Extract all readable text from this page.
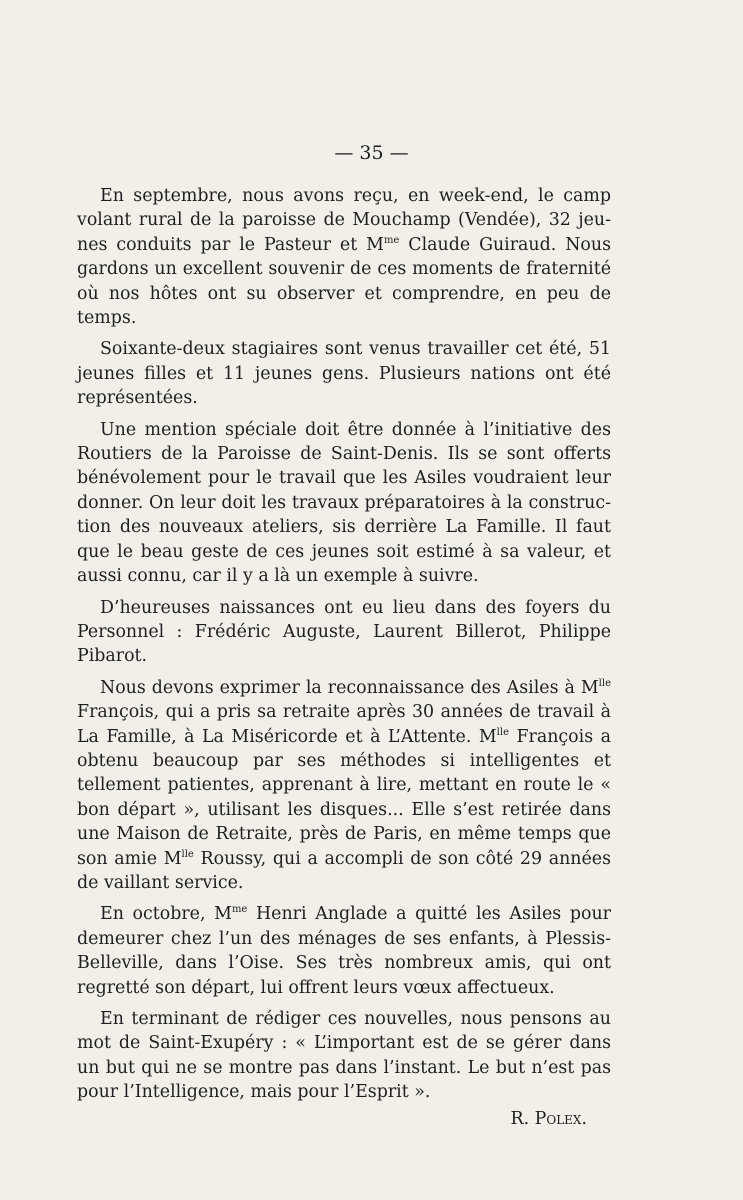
— 35 —

En septembre, nous avons reçu, en week-end, le camp volant rural de la paroisse de Mouchamp (Vendée), 32 jeunes conduits par le Pasteur et $M^{me}$ Claude Guiraud. Nous gardons un excellent souvenir de ces moments de fraternité où nos hôtes ont su observer et comprendre, en peu de temps.

Soixante-deux stagiaires sont venus travailler cet été, 51 jeunes filles et 11 jeunes gens. Plusieurs nations ont été représentées.

Une mention spéciale doit être donnée à l’initiative des Routiers de la Paroisse de Saint-Denis. Ils se sont offerts bénévolement pour le travail que les Asiles voudraient leur donner. On leur doit les travaux préparatoires à la construction des nouveaux ateliers, sis derrière La Famille. Il faut que le beau geste de ces jeunes soit estimé à sa valeur, et aussi connu, car il y a là un exemple à suivre.

D’heureuses naissances ont eu lieu dans des foyers du Personnel : Frédéric Auguste, Laurent Billerot, Philippe Pibarot.

Nous devons exprimer la reconnaissance des Asiles à $M^{lle}$ François, qui a pris sa retraite après 30 années de travail à La Famille, à La Miséricorde et à L’Attente. $M^{lle}$ François a obtenu beaucoup par ses méthodes si intelligentes et tellement patientes, apprenant à lire, mettant en route le « bon départ », utilisant les disques... Elle s’est retirée dans une Maison de Retraite, près de Paris, en même temps que son amie $M^{lle}$ Roussy, qui a accompli de son côté 29 années de vaillant service.

En octobre, $M^{me}$ Henri Anglade a quitté les Asiles pour demeurer chez l’un des ménages de ses enfants, à Plessis-Belleville, dans l’Oise. Ses très nombreux amis, qui ont regretté son départ, lui offrent leurs vœux affectueux.

En terminant de rédiger ces nouvelles, nous pensons au mot de Saint-Exupéry : « L’important est de se gérer dans un but qui ne se montre pas dans l’instant. Le but n’est pas pour l’Intelligence, mais pour l’Esprit ».

R. Polex.
